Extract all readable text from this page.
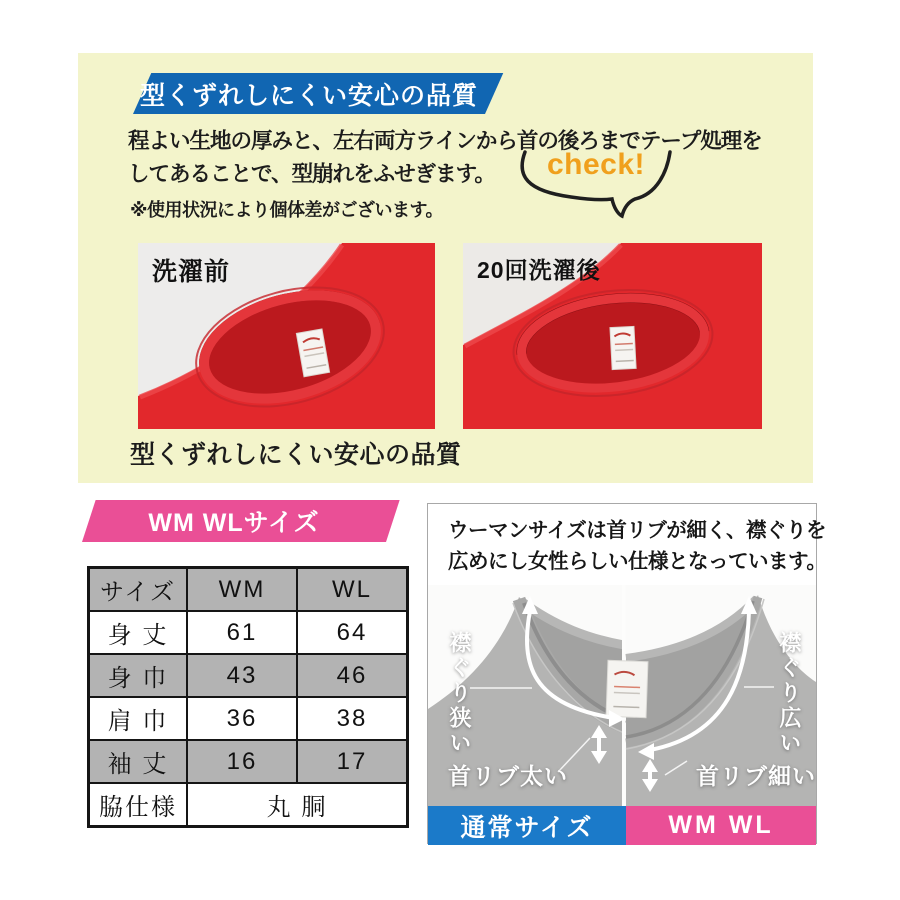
型くずれしにくい安心の品質
程よい生地の厚みと、左右両方ラインから首の後ろまでテープ処理を
してあることで、型崩れをふせぎます。
※使用状況により個体差がございます。
check!
洗濯前	20回洗濯後
型くずれしにくい安心の品質
WM WLサイズ
サイズ	WM	WL
身 丈	61	64
身 巾	43	46
肩 巾	36	38
袖 丈	16	17
脇仕様	丸 胴	
ウーマンサイズは首リブが細く、襟ぐりを
広めにし女性らしい仕様となっています。
襟ぐり狭い	襟ぐり広い
首リブ太い	首リブ細い
通常サイズ	WM WL
